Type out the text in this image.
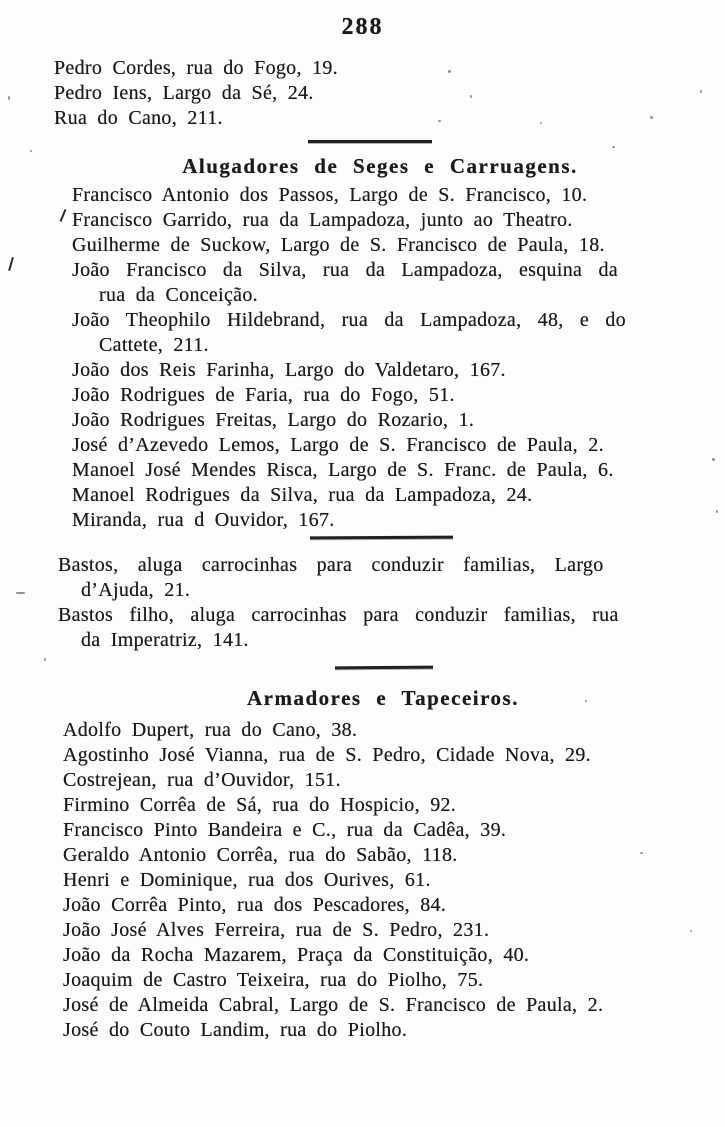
288
Pedro Cordes, rua do Fogo, 19.
Pedro Iens, Largo da Sé, 24.
Rua do Cano, 211.
Alugadores de Seges e Carruagens.
Francisco Antonio dos Passos, Largo de S. Francisco, 10.
Francisco Garrido, rua da Lampadoza, junto ao Theatro.
Guilherme de Suckow, Largo de S. Francisco de Paula, 18.
João Francisco da Silva, rua da Lampadoza, esquina da
rua da Conceição.
João Theophilo Hildebrand, rua da Lampadoza, 48, e do
Cattete, 211.
João dos Reis Farinha, Largo do Valdetaro, 167.
João Rodrigues de Faria, rua do Fogo, 51.
João Rodrigues Freitas, Largo do Rozario, 1.
José d’Azevedo Lemos, Largo de S. Francisco de Paula, 2.
Manoel José Mendes Risca, Largo de S. Franc. de Paula, 6.
Manoel Rodrigues da Silva, rua da Lampadoza, 24.
Miranda, rua d Ouvidor, 167.
Bastos, aluga carrocinhas para conduzir familias, Largo
d’Ajuda, 21.
Bastos filho, aluga carrocinhas para conduzir familias, rua
da Imperatriz, 141.
Armadores e Tapeceiros.
Adolfo Dupert, rua do Cano, 38.
Agostinho José Vianna, rua de S. Pedro, Cidade Nova, 29.
Costrejean, rua d’Ouvidor, 151.
Firmino Corrêa de Sá, rua do Hospicio, 92.
Francisco Pinto Bandeira e C., rua da Cadêa, 39.
Geraldo Antonio Corrêa, rua do Sabão, 118.
Henri e Dominique, rua dos Ourives, 61.
João Corrêa Pinto, rua dos Pescadores, 84.
João José Alves Ferreira, rua de S. Pedro, 231.
João da Rocha Mazarem, Praça da Constituição, 40.
Joaquim de Castro Teixeira, rua do Piolho, 75.
José de Almeida Cabral, Largo de S. Francisco de Paula, 2.
José do Couto Landim, rua do Piolho.
